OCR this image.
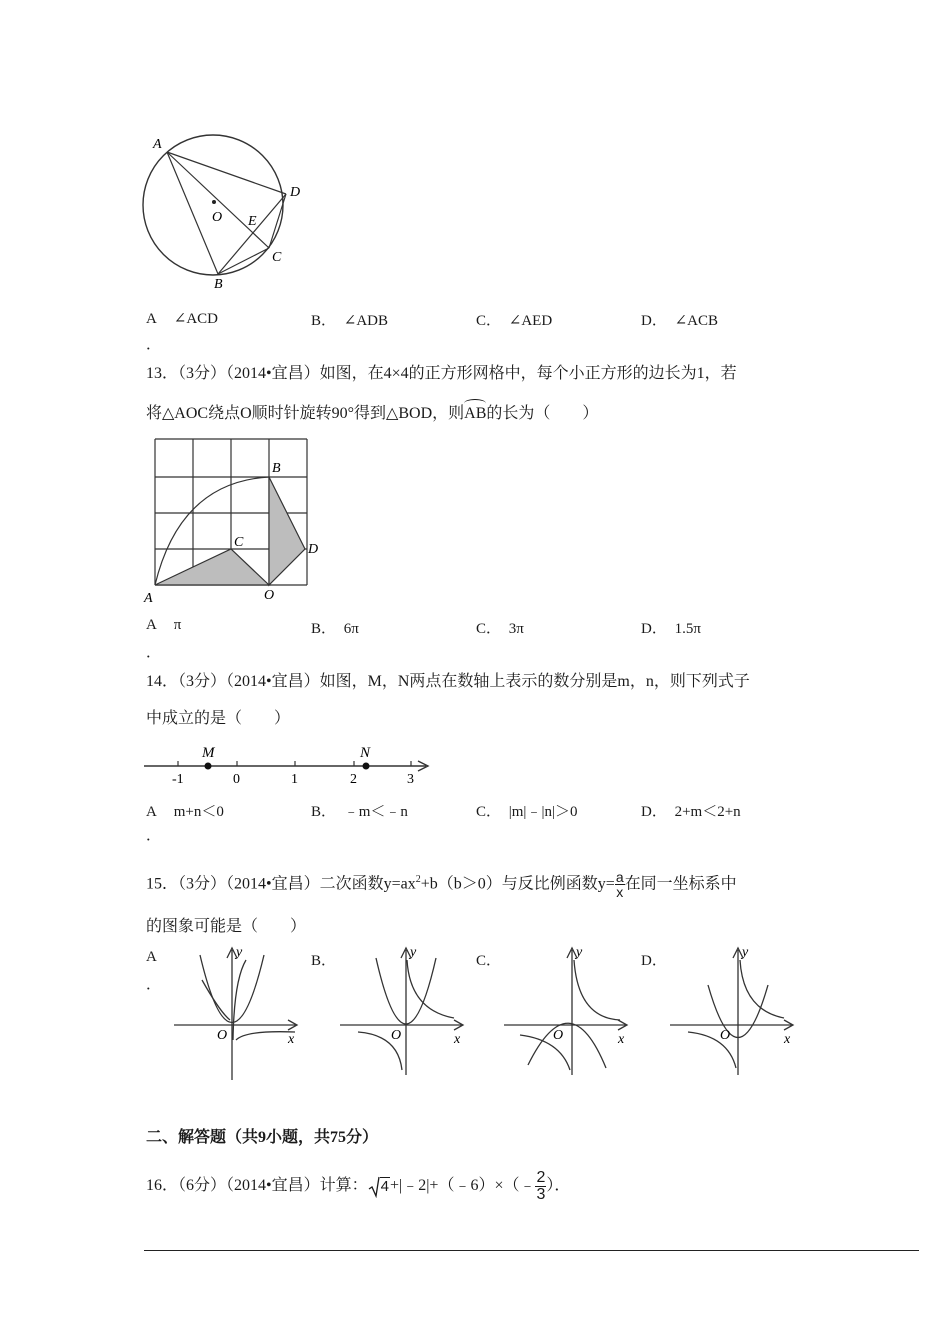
A
D
O E
C
B
A ∠ACD
．
B． ∠ADB	C． ∠AED	D． ∠ACB
13．（3分）（2014•宜昌）如图，在4×4的正方形网格中，每个小正方形的边长为1，若
将△AOC绕点O顺时针旋转90°得到△BOD，则AB的长为（　　）
A	O
C
B
D
A π
．
B． 6π	C． 3π	D． 1.5π
14．（3分）（2014•宜昌）如图，M，N两点在数轴上表示的数分别是m，n，则下列式子
中成立的是（　　）
M	N
-1	0	1	2	3
A m+n＜0
．
B． ﹣m＜﹣n	C． |m|﹣|n|＞0	D． 2+m＜2+n
15．（3分）（2014•宜昌）二次函数$y=ax^2+b(b>0)$与反比例函数$y= \frac{a}{x}$ 在同一坐标系中
的图象可能是（　　）
A
．
B．	C．	D．
y
x
O
y
x
O
y
x
O
y
x
O
二、解答题（共9小题，共75分）
16．（6分）（2014•宜昌）计算： 4+|﹣2|+（﹣6）×（﹣ $\frac{2}{3}$ ）．
